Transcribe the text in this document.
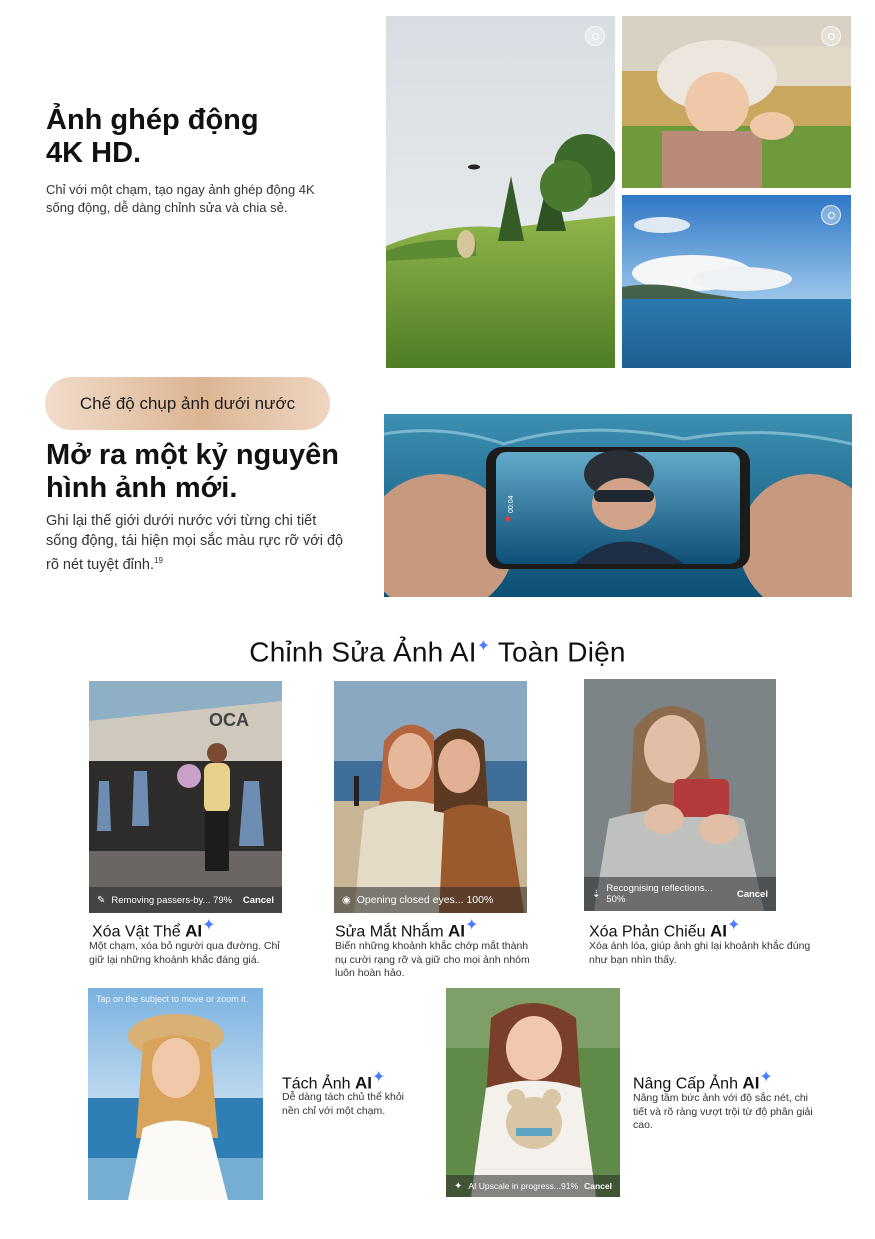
Ảnh ghép động
4K HD.
Chỉ với một chạm, tạo ngay ảnh ghép động 4K sống động, dễ dàng chỉnh sửa và chia sẻ.
Chế độ chụp ảnh dưới nước
Mở ra một kỷ nguyên
hình ảnh mới.
Ghi lại thế giới dưới nước với từng chi tiết sống động, tái hiện mọi sắc màu rực rỡ với độ rõ nét tuyệt đỉnh.$^{19}$
00:04
Chỉnh Sửa Ảnh AI✦ Toàn Diện
OCA
✎ Removing passers-by... 79% Cancel
Xóa Vật Thể AI✦
Một chạm, xóa bỏ người qua đường. Chỉ giữ lại những khoảnh khắc đáng giá.
◉ Opening closed eyes... 100%
Sửa Mắt Nhắm AI✦
Biến những khoảnh khắc chớp mắt thành nụ cười rạng rỡ và giữ cho mọi ảnh nhóm luôn hoàn hảo.
⇣ Recognising reflections...
50%	Cancel
Xóa Phản Chiếu AI✦
Xóa ánh lóa, giúp ảnh ghi lại khoảnh khắc đúng như bạn nhìn thấy.
Tap on the subject to move or zoom it.
Tách Ảnh AI✦
Dễ dàng tách chủ thể khỏi nền chỉ với một chạm.
✦ AI Upscale in progress...91% Cancel
Nâng Cấp Ảnh AI✦
Nâng tầm bức ảnh với độ sắc nét, chi tiết và rõ ràng vượt trội từ độ phân giải cao.
